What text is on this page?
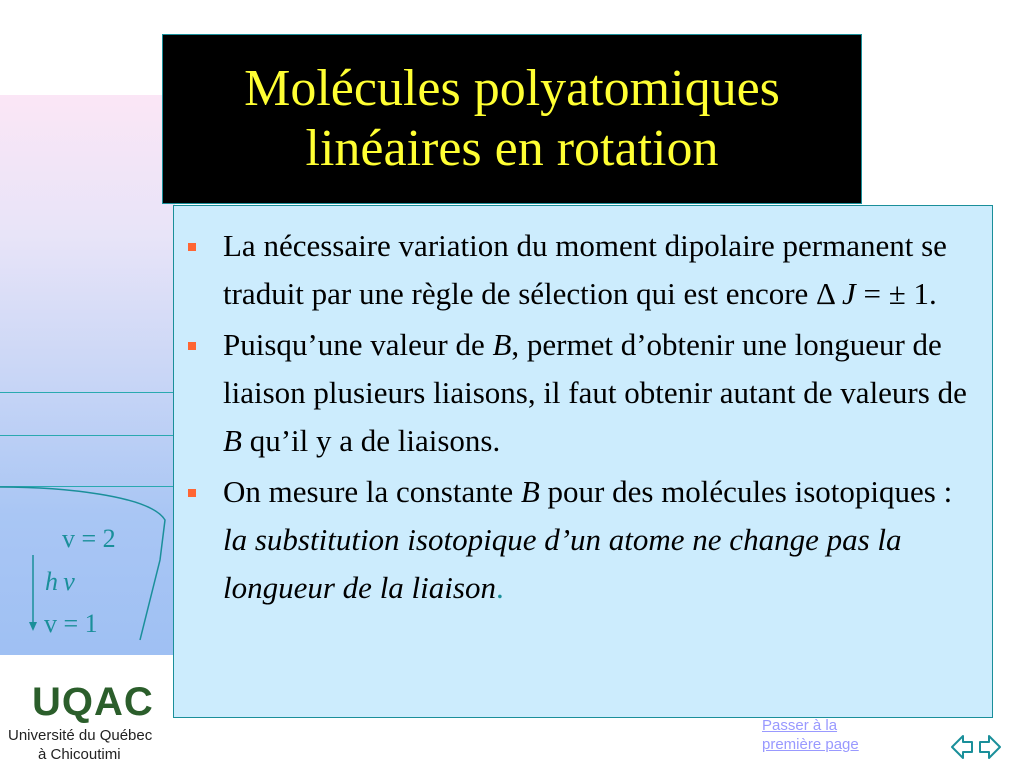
v = 2
h  ν
v = 1
Molécules polyatomiques
linéaires en rotation
La nécessaire variation du moment dipolaire permanent se traduit par une règle de sélection qui est encore Δ J = ± 1.
Puisqu’une valeur de B, permet d’obtenir une longueur de liaison plusieurs liaisons, il faut obtenir autant de valeurs de B qu’il y a de liaisons.
On mesure la constante B pour des molécules isotopiques : la substitution isotopique d’un atome ne change pas la longueur de la liaison.
UQAC
Université du Québec
à Chicoutimi
Passer à la
première page
